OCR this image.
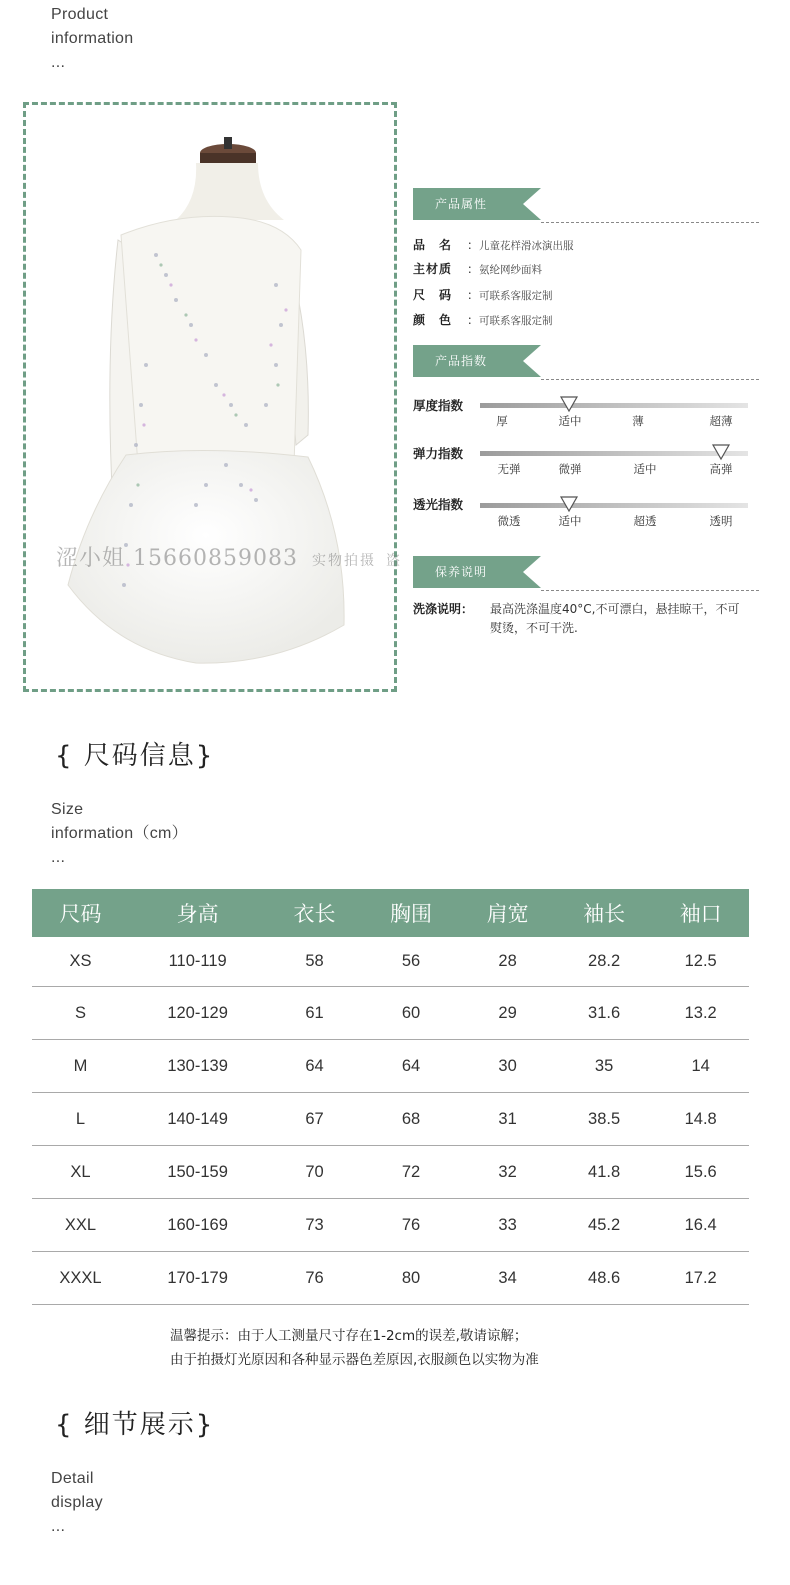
Product
information
...
涩小姐 15660859083 实物拍摄 盗
产品属性
品　名 ：儿童花样滑冰演出服
主材质 ：氨纶网纱面料
尺　码 ：可联系客服定制
颜　色 ：可联系客服定制
产品指数
厚度指数
厚	适中	薄	超薄
弹力指数
无弹	微弹	适中	高弹
透光指数
微透	适中	超透	透明
保养说明
洗涤说明： 最高洗涤温度40°C,不可漂白，悬挂晾干，不可熨烫，不可干洗.
{ 尺码信息}
Size
information（cm）
...
尺码	身高	衣长	胸围	肩宽	袖长	袖口
XS	110-119	58	56	28	28.2	12.5
S	120-129	61	60	29	31.6	13.2
M	130-139	64	64	30	35	14
L	140-149	67	68	31	38.5	14.8
XL	150-159	70	72	32	41.8	15.6
XXL	160-169	73	76	33	45.2	16.4
XXXL	170-179	76	80	34	48.6	17.2
温馨提示：由于人工测量尺寸存在1-2cm的误差,敬请谅解；
由于拍摄灯光原因和各种显示器色差原因,衣服颜色以实物为准
{ 细节展示}
Detail
display
...
